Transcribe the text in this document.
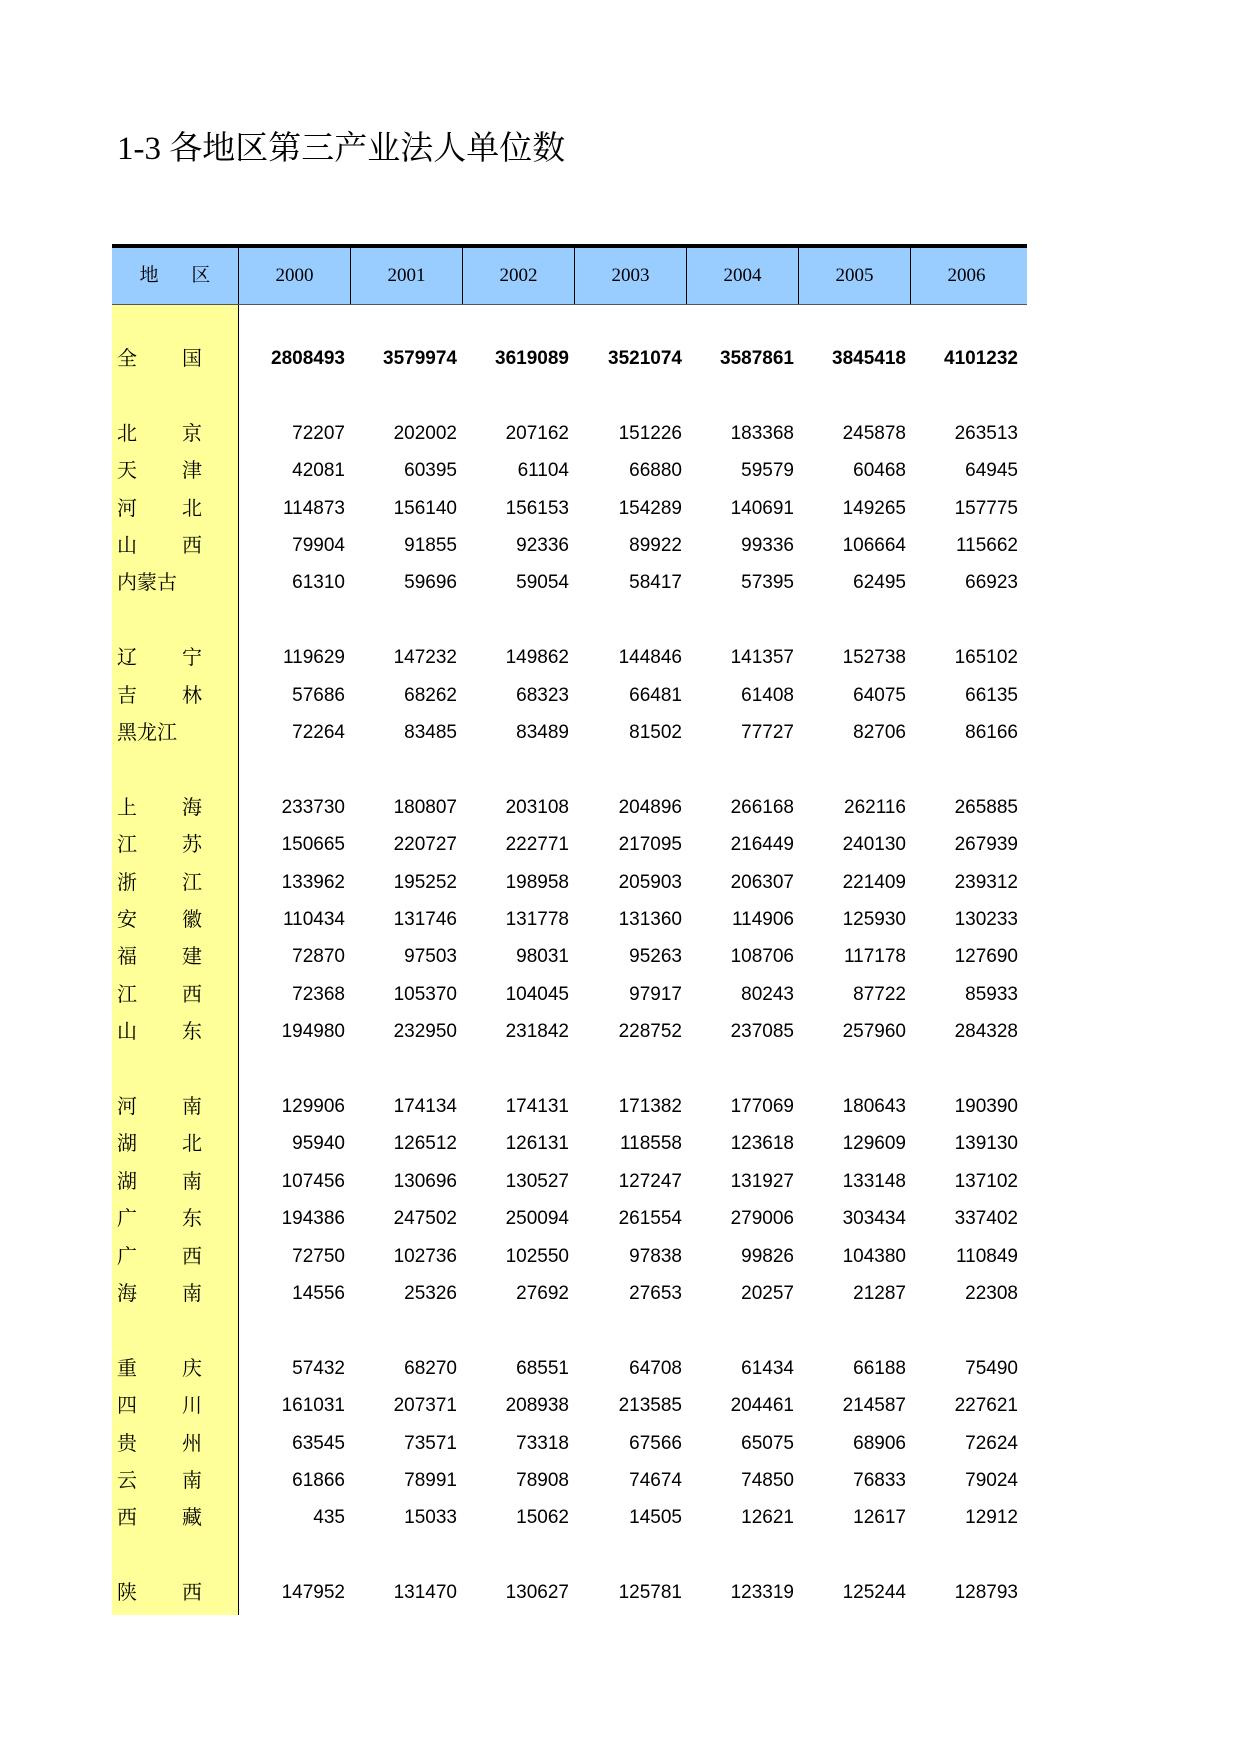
1-3 各地区第三产业法人单位数
地 区	2000	2001	2002	2003	2004	2005	2006
全 国	2808493	3579974	3619089	3521074	3587861	3845418	4101232
北 京	72207	202002	207162	151226	183368	245878	263513
天 津	42081	60395	61104	66880	59579	60468	64945
河 北	114873	156140	156153	154289	140691	149265	157775
山 西	79904	91855	92336	89922	99336	106664	115662
内蒙古	61310	59696	59054	58417	57395	62495	66923
辽 宁	119629	147232	149862	144846	141357	152738	165102
吉 林	57686	68262	68323	66481	61408	64075	66135
黑龙江	72264	83485	83489	81502	77727	82706	86166
上 海	233730	180807	203108	204896	266168	262116	265885
江 苏	150665	220727	222771	217095	216449	240130	267939
浙 江	133962	195252	198958	205903	206307	221409	239312
安 徽	110434	131746	131778	131360	114906	125930	130233
福 建	72870	97503	98031	95263	108706	117178	127690
江 西	72368	105370	104045	97917	80243	87722	85933
山 东	194980	232950	231842	228752	237085	257960	284328
河 南	129906	174134	174131	171382	177069	180643	190390
湖 北	95940	126512	126131	118558	123618	129609	139130
湖 南	107456	130696	130527	127247	131927	133148	137102
广 东	194386	247502	250094	261554	279006	303434	337402
广 西	72750	102736	102550	97838	99826	104380	110849
海 南	14556	25326	27692	27653	20257	21287	22308
重 庆	57432	68270	68551	64708	61434	66188	75490
四 川	161031	207371	208938	213585	204461	214587	227621
贵 州	63545	73571	73318	67566	65075	68906	72624
云 南	61866	78991	78908	74674	74850	76833	79024
西 藏	435	15033	15062	14505	12621	12617	12912
陕 西	147952	131470	130627	125781	123319	125244	128793
